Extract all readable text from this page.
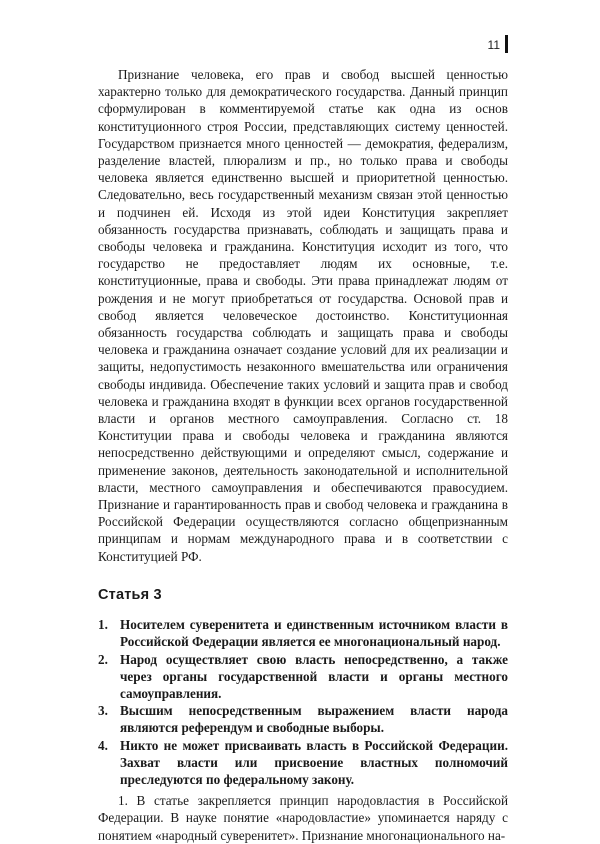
11

Признание человека, его прав и свобод высшей ценностью характерно только для демократического государства. Данный принцип сформулирован в комментируемой статье как одна из основ конституционного строя России, представляющих систему ценностей. Государством признается много ценностей — демократия, федерализм, разделение властей, плюрализм и пр., но только права и свободы человека является единственно высшей и приоритетной ценностью. Следовательно, весь государственный механизм связан этой ценностью и подчинен ей. Исходя из этой идеи Конституция закрепляет обязанность государства признавать, соблюдать и защищать права и свободы человека и гражданина. Конституция исходит из того, что государство не предоставляет людям их основные, т.е. конституционные, права и свободы. Эти права принадлежат людям от рождения и не могут приобретаться от государства. Основой прав и свобод является человеческое достоинство. Конституционная обязанность государства соблюдать и защищать права и свободы человека и гражданина означает создание условий для их реализации и защиты, недопустимость незаконного вмешательства или ограничения свободы индивида. Обеспечение таких условий и защита прав и свобод человека и гражданина входят в функции всех органов государственной власти и органов местного самоуправления. Согласно ст. 18 Конституции права и свободы человека и гражданина являются непосредственно действующими и определяют смысл, содержание и применение законов, деятельность законодательной и исполнительной власти, местного самоуправления и обеспечиваются правосудием. Признание и гарантированность прав и свобод человека и гражданина в Российской Федерации осуществляются согласно общепризнанным принципам и нормам международного права и в соответствии с Конституцией РФ.

Статья 3
1. Носителем суверенитета и единственным источником власти в Российской Федерации является ее многонациональный народ.
2. Народ осуществляет свою власть непосредственно, а также через органы государственной власти и органы местного самоуправления.
3. Высшим непосредственным выражением власти народа являются референдум и свободные выборы.
4. Никто не может присваивать власть в Российской Федерации. Захват власти или присвоение властных полномочий преследуются по федеральному закону.

1. В статье закрепляется принцип народовластия в Российской Федерации. В науке понятие «народовластие» упоминается наряду с понятием «народный суверенитет». Признание многонационального на-
